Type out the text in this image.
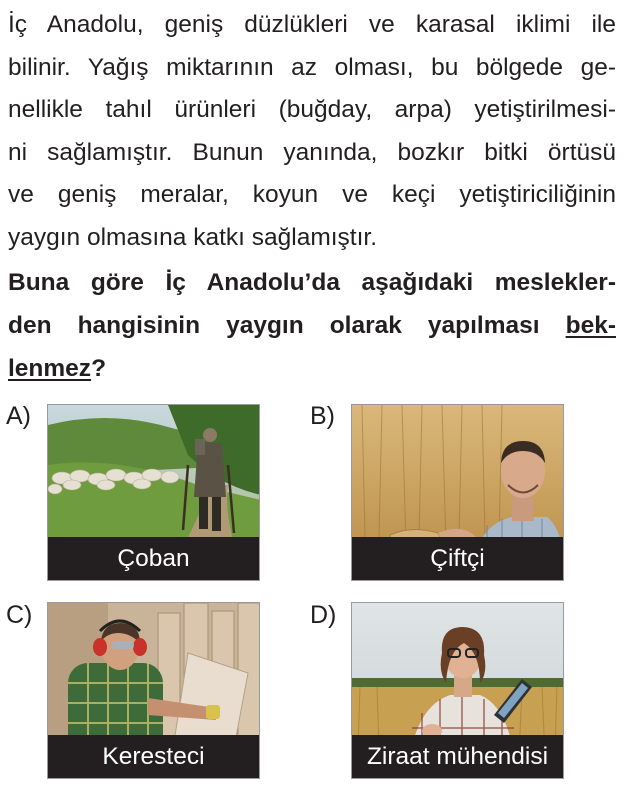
İç Anadolu, geniş düzlükleri ve karasal iklimi ile
bilinir. Yağış miktarının az olması, bu bölgede ge-
nellikle tahıl ürünleri (buğday, arpa) yetiştirilmesi-
ni sağlamıştır. Bunun yanında, bozkır bitki örtüsü
ve geniş meralar, koyun ve keçi yetiştiriciliğinin
yaygın olmasına katkı sağlamıştır.
Buna göre İç Anadolu’da aşağıdaki meslekler-
den hangisinin yaygın olarak yapılması bek-
lenmez?
A)
Çoban
B)
Çiftçi
C)
Keresteci
D)
Ziraat mühendisi
